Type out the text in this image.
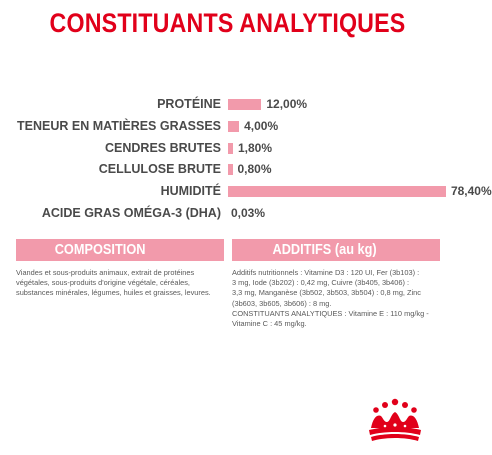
CONSTITUANTS ANALYTIQUES
PROTÉINE	12,00%
TENEUR EN MATIÈRES GRASSES 4,00%
CENDRES BRUTES 1,80%
CELLULOSE BRUTE 0,80%
HUMIDITÉ	78,40%
ACIDE GRAS OMÉGA-3 (DHA) 0,03%
COMPOSITION	ADDITIFS (au kg)
Viandes et sous-produits animaux, extrait de protéines
végétales, sous-produits d'origine végétale, céréales,
substances minérales, légumes, huiles et graisses, levures.
Additifs nutritionnels : Vitamine D3 : 120 UI, Fer (3b103) :
3 mg, Iode (3b202) : 0,42 mg, Cuivre (3b405, 3b406) :
3,3 mg, Manganèse (3b502, 3b503, 3b504) : 0,8 mg, Zinc
(3b603, 3b605, 3b606) : 8 mg.
CONSTITUANTS ANALYTIQUES : Vitamine E : 110 mg/kg -
Vitamine C : 45 mg/kg.
